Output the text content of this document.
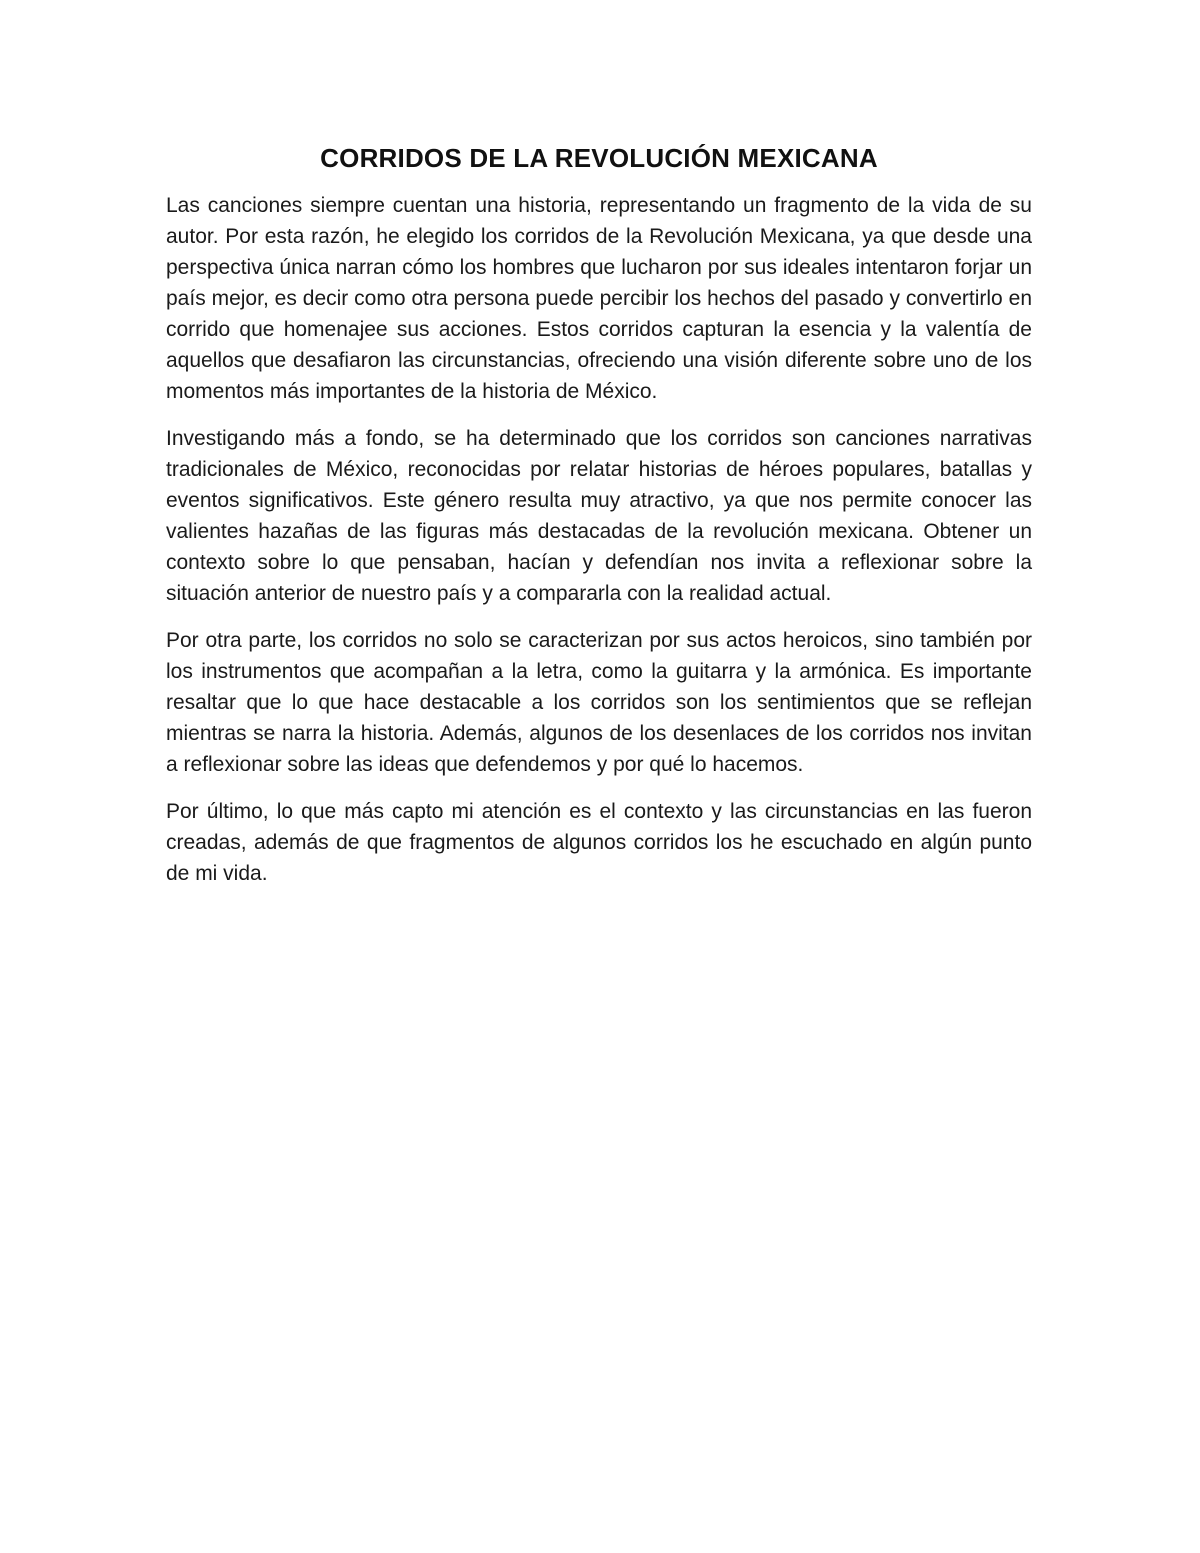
CORRIDOS DE LA REVOLUCIÓN MEXICANA

Las canciones siempre cuentan una historia, representando un fragmento de la vida de su autor. Por esta razón, he elegido los corridos de la Revolución Mexicana, ya que desde una perspectiva única narran cómo los hombres que lucharon por sus ideales intentaron forjar un país mejor, es decir como otra persona puede percibir los hechos del pasado y convertirlo en corrido que homenajee sus acciones. Estos corridos capturan la esencia y la valentía de aquellos que desafiaron las circunstancias, ofreciendo una visión diferente sobre uno de los momentos más importantes de la historia de México.

Investigando más a fondo, se ha determinado que los corridos son canciones narrativas tradicionales de México, reconocidas por relatar historias de héroes populares, batallas y eventos significativos. Este género resulta muy atractivo, ya que nos permite conocer las valientes hazañas de las figuras más destacadas de la revolución mexicana. Obtener un contexto sobre lo que pensaban, hacían y defendían nos invita a reflexionar sobre la situación anterior de nuestro país y a compararla con la realidad actual.

Por otra parte, los corridos no solo se caracterizan por sus actos heroicos, sino también por los instrumentos que acompañan a la letra, como la guitarra y la armónica. Es importante resaltar que lo que hace destacable a los corridos son los sentimientos que se reflejan mientras se narra la historia. Además, algunos de los desenlaces de los corridos nos invitan a reflexionar sobre las ideas que defendemos y por qué lo hacemos.

Por último, lo que más capto mi atención es el contexto y las circunstancias en las fueron creadas, además de que fragmentos de algunos corridos los he escuchado en algún punto de mi vida.
